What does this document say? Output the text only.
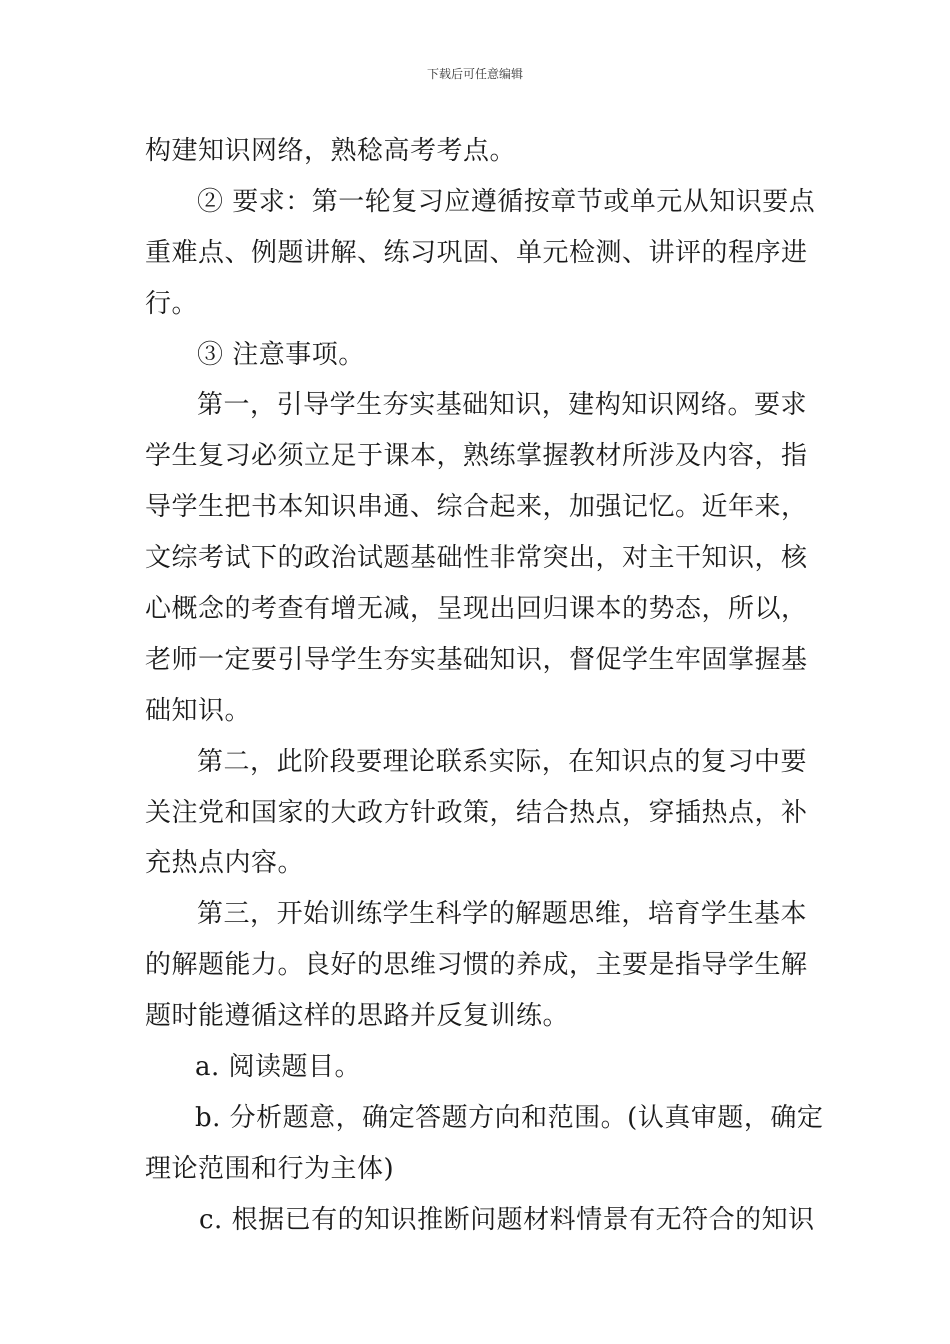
下载后可任意编辑
构建知识网络，熟稔高考考点。
② 要求：第一轮复习应遵循按章节或单元从知识要点
重难点、例题讲解、练习巩固、单元检测、讲评的程序进
行。
③ 注意事项。
第一，引导学生夯实基础知识，建构知识网络。要求
学生复习必须立足于课本，熟练掌握教材所涉及内容，指
导学生把书本知识串通、综合起来，加强记忆。近年来，
文综考试下的政治试题基础性非常突出，对主干知识，核
心概念的考查有增无减，呈现出回归课本的势态，所以，
老师一定要引导学生夯实基础知识，督促学生牢固掌握基
础知识。
第二，此阶段要理论联系实际，在知识点的复习中要
关注党和国家的大政方针政策，结合热点，穿插热点，补
充热点内容。
第三，开始训练学生科学的解题思维，培育学生基本
的解题能力。良好的思维习惯的养成，主要是指导学生解
题时能遵循这样的思路并反复训练。
a. 阅读题目。
b. 分析题意，确定答题方向和范围。(认真审题，确定
理论范围和行为主体)
c. 根据已有的知识推断问题材料情景有无符合的知识
